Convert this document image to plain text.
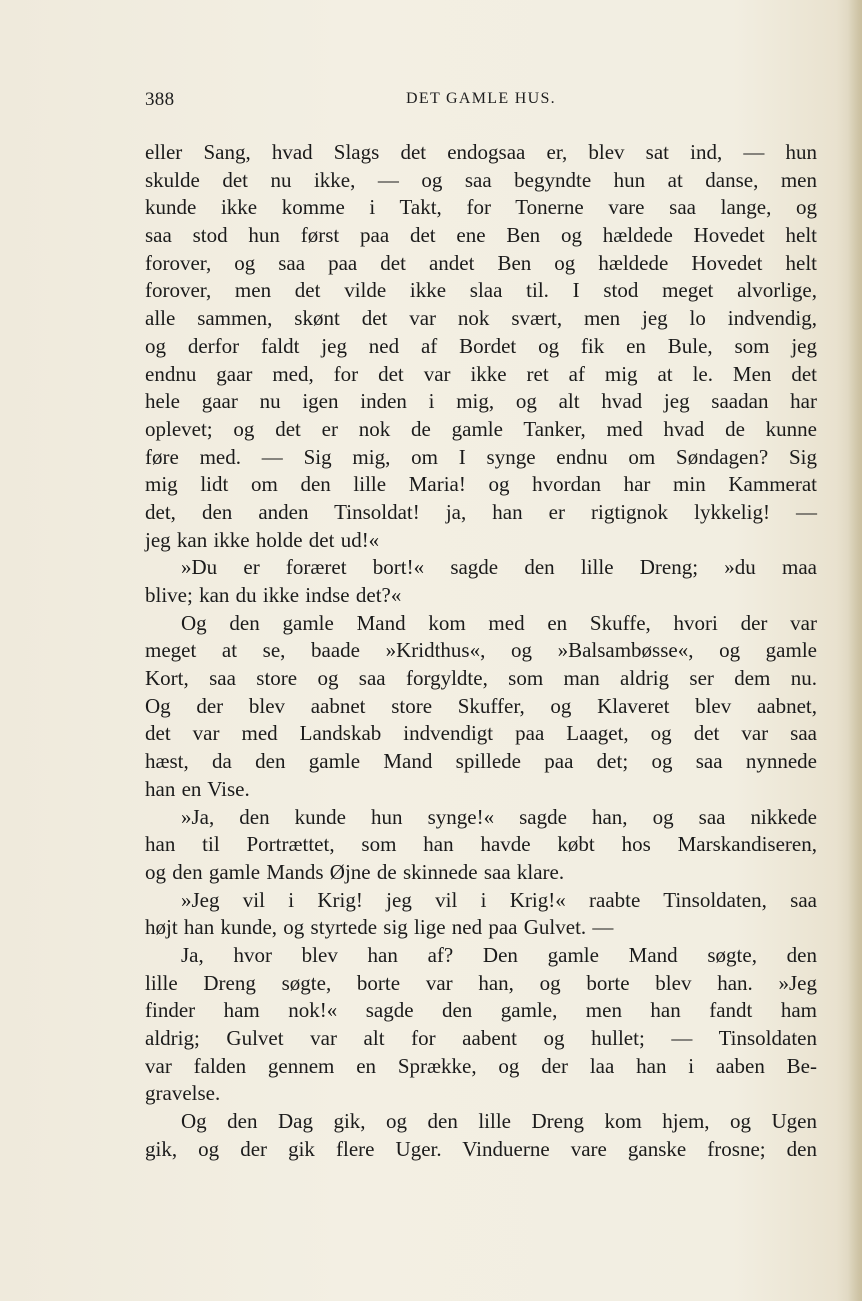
388	DET GAMLE HUS.
eller Sang, hvad Slags det endogsaa er, blev sat ind, — hun
skulde det nu ikke, — og saa begyndte hun at danse, men
kunde ikke komme i Takt, for Tonerne vare saa lange, og
saa stod hun først paa det ene Ben og hældede Hovedet helt
forover, og saa paa det andet Ben og hældede Hovedet helt
forover, men det vilde ikke slaa til. I stod meget alvorlige,
alle sammen, skønt det var nok svært, men jeg lo indvendig,
og derfor faldt jeg ned af Bordet og fik en Bule, som jeg
endnu gaar med, for det var ikke ret af mig at le. Men det
hele gaar nu igen inden i mig, og alt hvad jeg saadan har
oplevet; og det er nok de gamle Tanker, med hvad de kunne
føre med. — Sig mig, om I synge endnu om Søndagen? Sig
mig lidt om den lille Maria! og hvordan har min Kammerat
det, den anden Tinsoldat! ja, han er rigtignok lykkelig! —
jeg kan ikke holde det ud!«
»Du er foræret bort!« sagde den lille Dreng; »du maa
blive; kan du ikke indse det?«
Og den gamle Mand kom med en Skuffe, hvori der var
meget at se, baade »Kridthus«, og »Balsambøsse«, og gamle
Kort, saa store og saa forgyldte, som man aldrig ser dem nu.
Og der blev aabnet store Skuffer, og Klaveret blev aabnet,
det var med Landskab indvendigt paa Laaget, og det var saa
hæst, da den gamle Mand spillede paa det; og saa nynnede
han en Vise.
»Ja, den kunde hun synge!« sagde han, og saa nikkede
han til Portrættet, som han havde købt hos Marskandiseren,
og den gamle Mands Øjne de skinnede saa klare.
»Jeg vil i Krig! jeg vil i Krig!« raabte Tinsoldaten, saa
højt han kunde, og styrtede sig lige ned paa Gulvet. —
Ja, hvor blev han af? Den gamle Mand søgte, den
lille Dreng søgte, borte var han, og borte blev han. »Jeg
finder ham nok!« sagde den gamle, men han fandt ham
aldrig; Gulvet var alt for aabent og hullet; — Tinsoldaten
var falden gennem en Sprække, og der laa han i aaben Be-
gravelse.
Og den Dag gik, og den lille Dreng kom hjem, og Ugen
gik, og der gik flere Uger. Vinduerne vare ganske frosne; den
